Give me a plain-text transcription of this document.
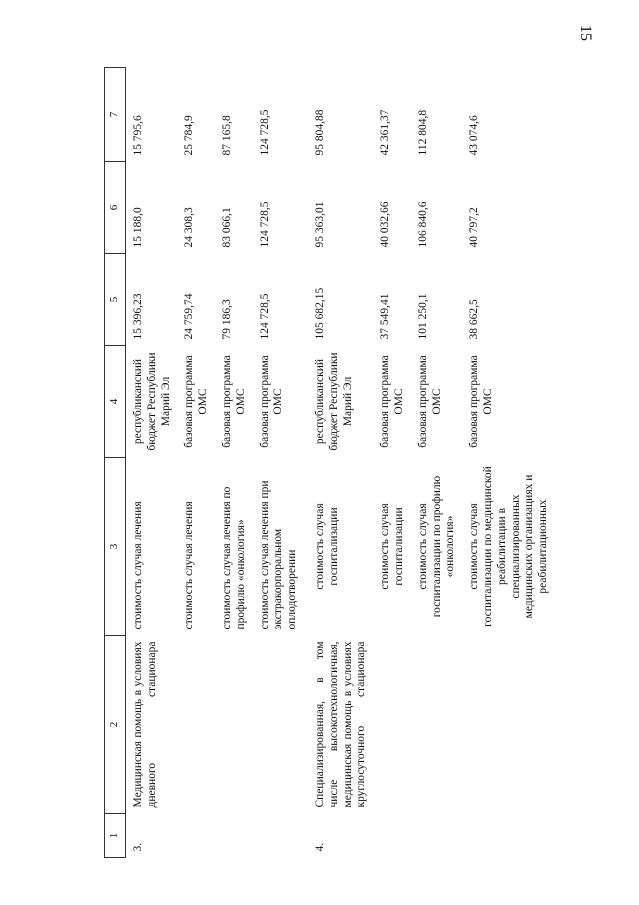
15
1	2	3	4	5	6	7
3.	Медицинская помощь в условиях дневного стационара	стоимость случая лечения	республиканский бюджет Республики Марий Эл	15 396,23	15 188,0	15 795,6
		стоимость случая лечения	базовая программа ОМС	24 759,74	24 308,3	25 784,9
		стоимость случая лечения по профилю «онкология»	базовая программа ОМС	79 186,3	83 066,1	87 165,8
		стоимость случая лечения при экстракорпоральном оплодотворении	базовая программа ОМС	124 728,5	124 728,5	124 728,5
4.	Специализированная, в том числе высокотехнологичная, медицинская помощь в условиях круглосуточного стационара	стоимость случая госпитализации	республиканский бюджет Республики Марий Эл	105 682,15	95 363,01	95 804,88
		стоимость случая госпитализации	базовая программа ОМС	37 549,41	40 032,66	42 361,37
		стоимость случая госпитализации по профилю «онкология»	базовая программа ОМС	101 250,1	106 840,6	112 804,8
		стоимость случая госпитализации по медицинской реабилитации в специализированных медицинских организациях и реабилитационных	базовая программа ОМС	38 662,5	40 797,2	43 074,6
